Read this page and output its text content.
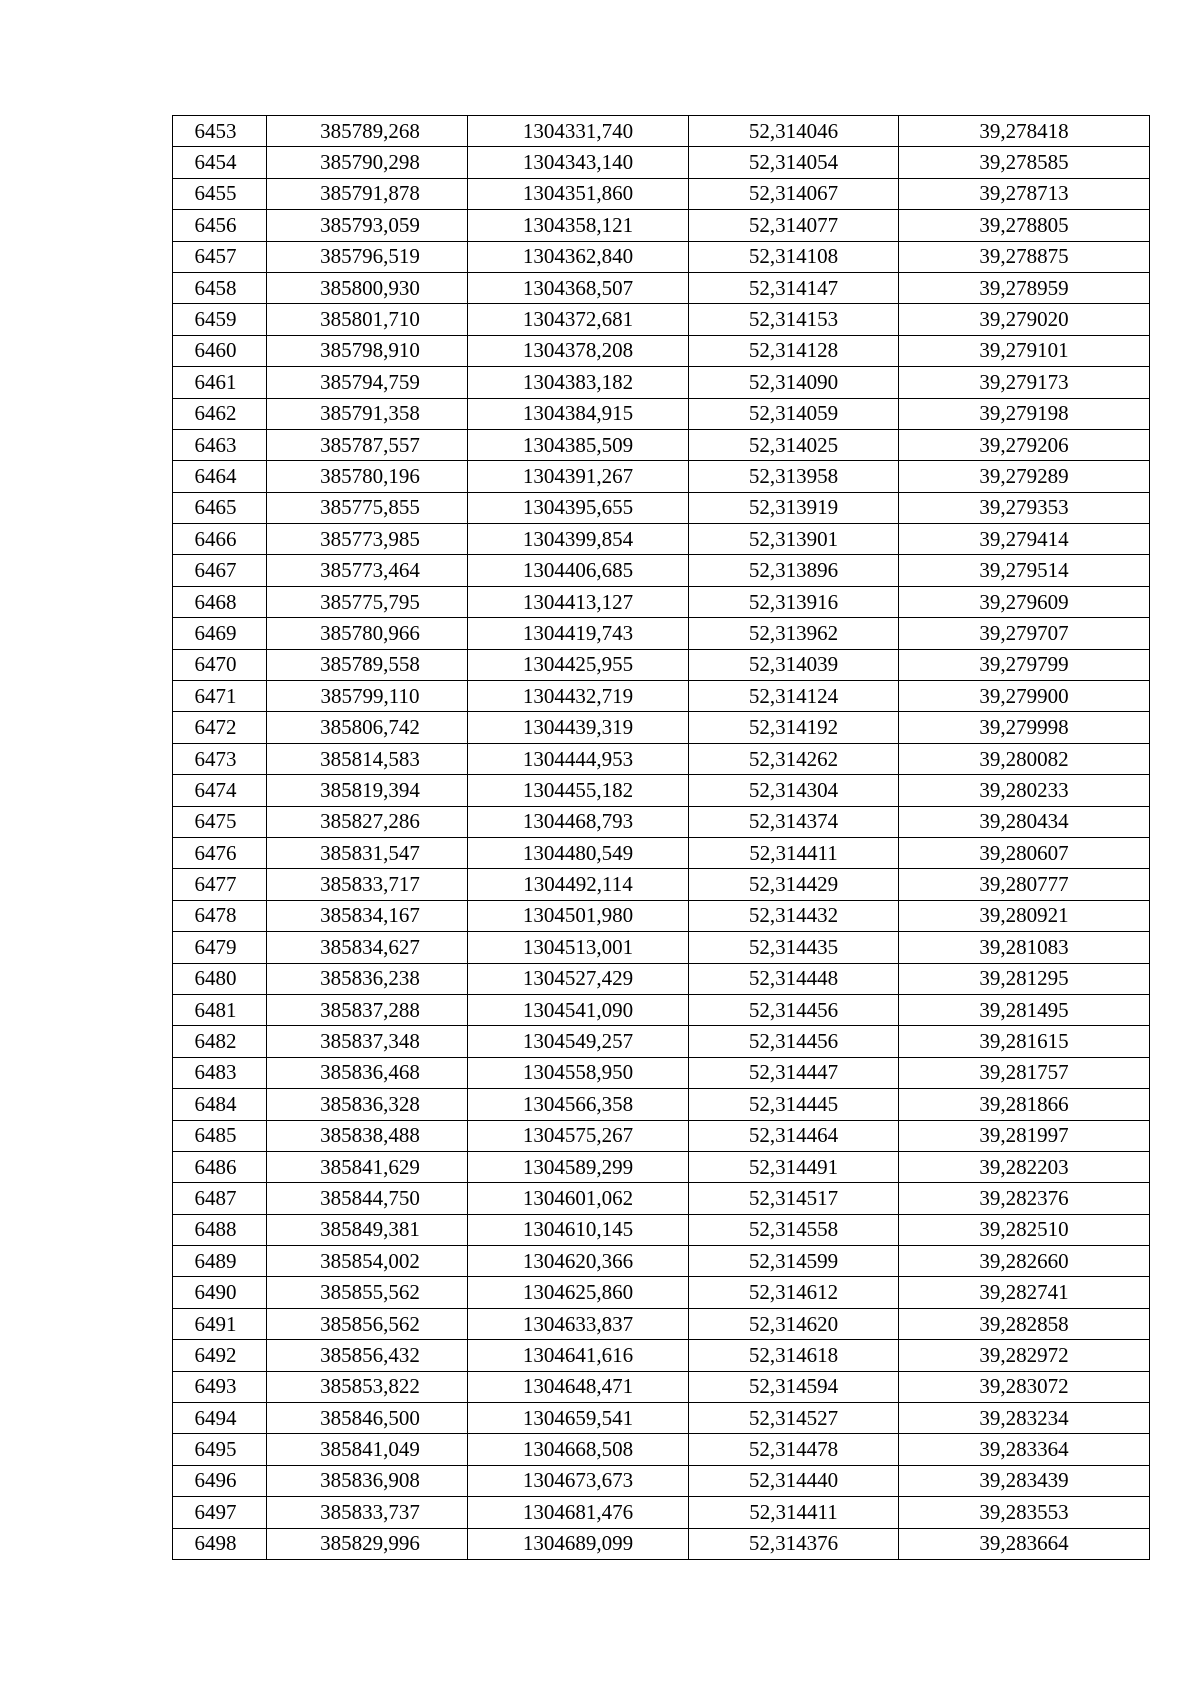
6453	385789,268	1304331,740	52,314046	39,278418
6454	385790,298	1304343,140	52,314054	39,278585
6455	385791,878	1304351,860	52,314067	39,278713
6456	385793,059	1304358,121	52,314077	39,278805
6457	385796,519	1304362,840	52,314108	39,278875
6458	385800,930	1304368,507	52,314147	39,278959
6459	385801,710	1304372,681	52,314153	39,279020
6460	385798,910	1304378,208	52,314128	39,279101
6461	385794,759	1304383,182	52,314090	39,279173
6462	385791,358	1304384,915	52,314059	39,279198
6463	385787,557	1304385,509	52,314025	39,279206
6464	385780,196	1304391,267	52,313958	39,279289
6465	385775,855	1304395,655	52,313919	39,279353
6466	385773,985	1304399,854	52,313901	39,279414
6467	385773,464	1304406,685	52,313896	39,279514
6468	385775,795	1304413,127	52,313916	39,279609
6469	385780,966	1304419,743	52,313962	39,279707
6470	385789,558	1304425,955	52,314039	39,279799
6471	385799,110	1304432,719	52,314124	39,279900
6472	385806,742	1304439,319	52,314192	39,279998
6473	385814,583	1304444,953	52,314262	39,280082
6474	385819,394	1304455,182	52,314304	39,280233
6475	385827,286	1304468,793	52,314374	39,280434
6476	385831,547	1304480,549	52,314411	39,280607
6477	385833,717	1304492,114	52,314429	39,280777
6478	385834,167	1304501,980	52,314432	39,280921
6479	385834,627	1304513,001	52,314435	39,281083
6480	385836,238	1304527,429	52,314448	39,281295
6481	385837,288	1304541,090	52,314456	39,281495
6482	385837,348	1304549,257	52,314456	39,281615
6483	385836,468	1304558,950	52,314447	39,281757
6484	385836,328	1304566,358	52,314445	39,281866
6485	385838,488	1304575,267	52,314464	39,281997
6486	385841,629	1304589,299	52,314491	39,282203
6487	385844,750	1304601,062	52,314517	39,282376
6488	385849,381	1304610,145	52,314558	39,282510
6489	385854,002	1304620,366	52,314599	39,282660
6490	385855,562	1304625,860	52,314612	39,282741
6491	385856,562	1304633,837	52,314620	39,282858
6492	385856,432	1304641,616	52,314618	39,282972
6493	385853,822	1304648,471	52,314594	39,283072
6494	385846,500	1304659,541	52,314527	39,283234
6495	385841,049	1304668,508	52,314478	39,283364
6496	385836,908	1304673,673	52,314440	39,283439
6497	385833,737	1304681,476	52,314411	39,283553
6498	385829,996	1304689,099	52,314376	39,283664
